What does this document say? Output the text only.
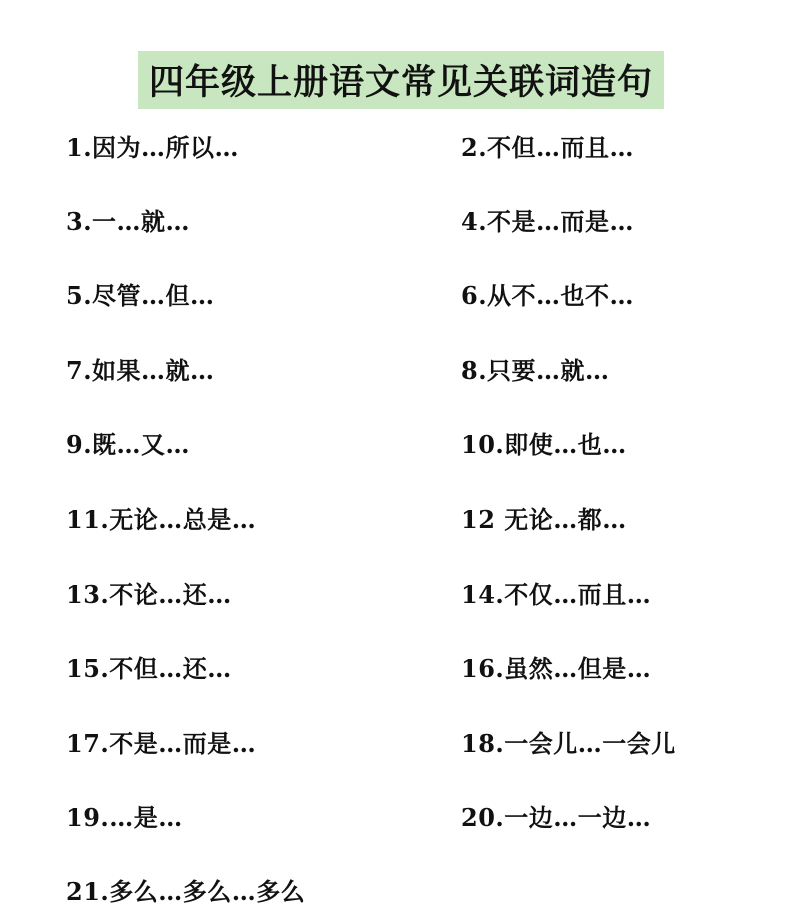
四年级上册语文常见关联词造句
1.因为…所以…	2.不但…而且…
3.一…就…	4.不是…而是…
5.尽管…但…	6.从不…也不…
7.如果…就…	8.只要…就…
9.既…又…	10.即使…也…
11.无论…总是…	12 无论…都…
13.不论…还…	14.不仅…而且…
15.不但…还…	16.虽然…但是…
17.不是…而是…	18.一会儿…一会儿
19.…是…	20.一边…一边…
21.多么…多么…多么
